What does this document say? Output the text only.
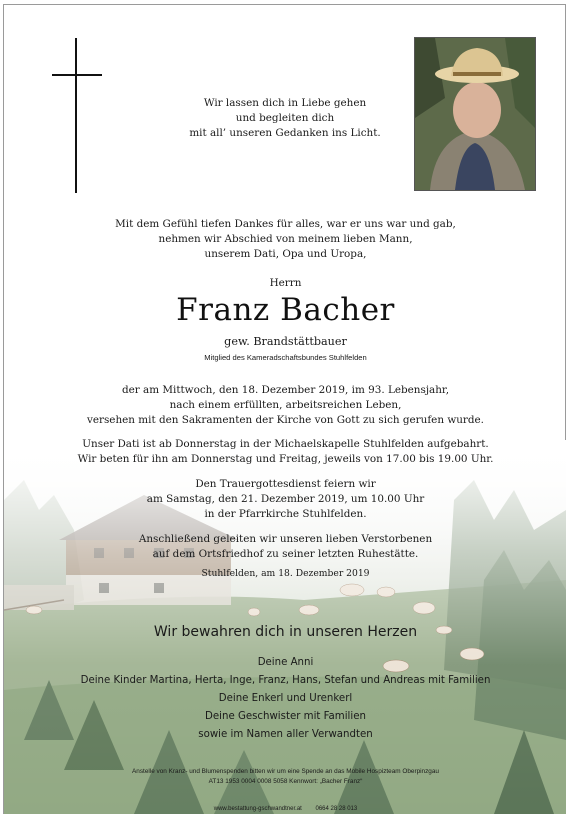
Wir lassen dich in Liebe gehen
und begleiten dich
mit all’ unseren Gedanken ins Licht.
Mit dem Gefühl tiefen Dankes für alles, war er uns war und gab,
nehmen wir Abschied von meinem lieben Mann,
unserem Dati, Opa und Uropa,
Herrn
Franz Bacher
gew. Brandstättbauer
Mitglied des Kameradschaftsbundes Stuhlfelden
der am Mittwoch, den 18. Dezember 2019, im 93. Lebensjahr,
nach einem erfüllten, arbeitsreichen Leben,
versehen mit den Sakramenten der Kirche von Gott zu sich gerufen wurde.
Unser Dati ist ab Donnerstag in der Michaelskapelle Stuhlfelden aufgebahrt.
Wir beten für ihn am Donnerstag und Freitag, jeweils von 17.00 bis 19.00 Uhr.
Den Trauergottesdienst feiern wir
am Samstag, den 21. Dezember 2019, um 10.00 Uhr
in der Pfarrkirche Stuhlfelden.
Anschließend geleiten wir unseren lieben Verstorbenen
auf dem Ortsfriedhof zu seiner letzten Ruhestätte.
Stuhlfelden, am 18. Dezember 2019
Wir bewahren dich in unseren Herzen
Deine Anni
Deine Kinder Martina, Herta, Inge, Franz, Hans, Stefan und Andreas mit Familien
Deine Enkerl und Urenkerl
Deine Geschwister mit Familien
sowie im Namen aller Verwandten
Anstelle von Kranz- und Blumenspenden bitten wir um eine Spende an das Mobile Hospizteam Oberpinzgau
AT13 1953 0004 0008 5058 Kennwort: „Bacher Franz“
www.bestattung-gschwandtner.at 0664 28 28 013
